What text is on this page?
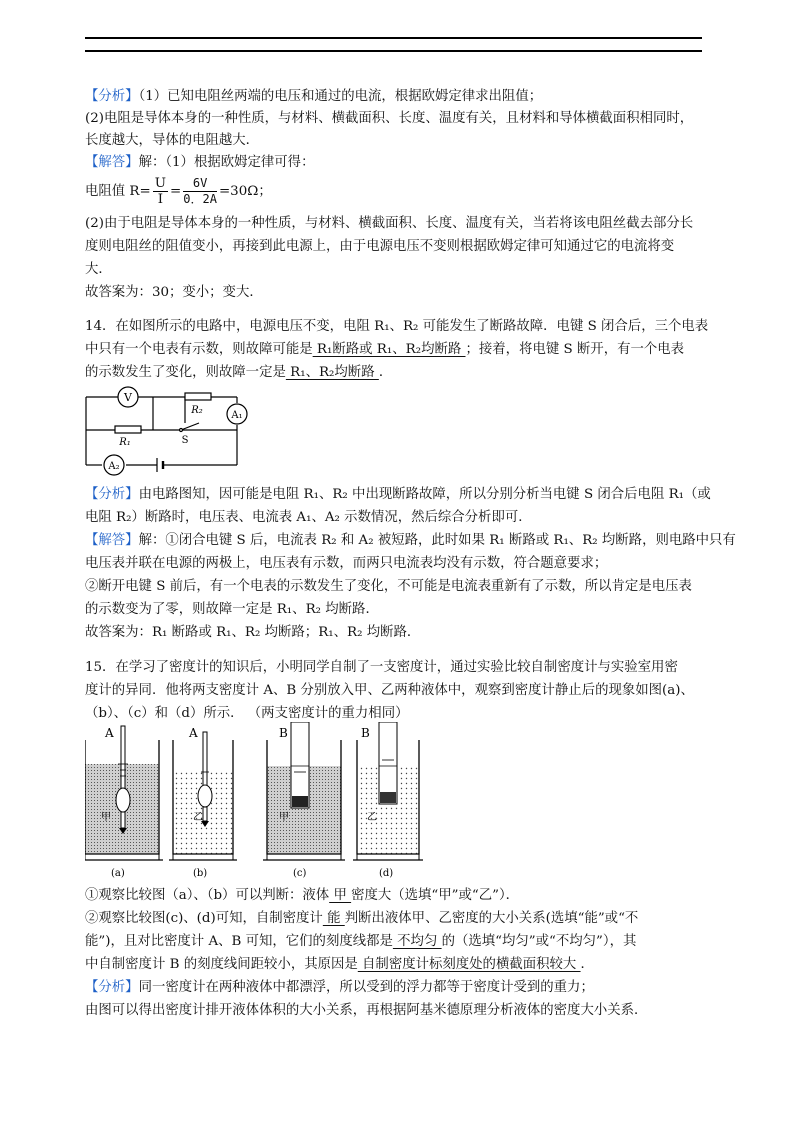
【分析】（1）已知电阻丝两端的电压和通过的电流，根据欧姆定律求出阻值；
(2)电阻是导体本身的一种性质，与材料、横截面积、长度、温度有关，且材料和导体横截面积相同时，
长度越大，导体的电阻越大．
【解答】解：（1）根据欧姆定律可得：
电阻值 $R= \frac{U}{I} = \frac{6V}{0.2A} =30\Omega$；
(2)由于电阻是导体本身的一种性质，与材料、横截面积、长度、温度有关，当若将该电阻丝截去部分长
度则电阻丝的阻值变小，再接到此电源上，由于电源电压不变则根据欧姆定律可知通过它的电流将变
大．
故答案为：30；变小；变大．
14．在如图所示的电路中，电源电压不变，电阻 R₁、R₂ 可能发生了断路故障．电键 S 闭合后，三个电表
中只有一个电表有示数，则故障可能是 R₁断路或 R₁、R₂均断路 ；接着，将电键 S 断开，有一个电表
的示数发生了变化，则故障一定是 R₁、R₂均断路 ．
V
R₂	A₁
R₁	S
A₂
【分析】由电路图知，因可能是电阻 R₁、R₂ 中出现断路故障，所以分别分析当电键 S 闭合后电阻 R₁（或
电阻 R₂）断路时，电压表、电流表 A₁、A₂ 示数情况，然后综合分析即可．
【解答】解：①闭合电键 S 后，电流表 R₂ 和 A₂ 被短路，此时如果 R₁ 断路或 R₁、R₂ 均断路，则电路中只有
电压表并联在电源的两极上，电压表有示数，而两只电流表均没有示数，符合题意要求；
②断开电键 S 前后，有一个电表的示数发生了变化，不可能是电流表重新有了示数，所以肯定是电压表
的示数变为了零，则故障一定是 R₁、R₂ 均断路．
故答案为：R₁ 断路或 R₁、R₂ 均断路；R₁、R₂ 均断路．
15．在学习了密度计的知识后，小明同学自制了一支密度计，通过实验比较自制密度计与实验室用密
度计的异同．他将两支密度计 A、B 分别放入甲、乙两种液体中，观察到密度计静止后的现象如图(a)、
（b）、（c）和（d）所示． （两支密度计的重力相同）
A
甲
(a)
A
乙
(b)
B
甲
(c)
B
乙
(d)
①观察比较图（a）、（b）可以判断：液体 甲 密度大（选填“甲”或“乙”）．
②观察比较图(c)、(d)可知，自制密度计 能 判断出液体甲、乙密度的大小关系(选填“能”或“不
能”)，且对比密度计 A、B 可知，它们的刻度线都是 不均匀 的（选填“均匀”或“不均匀”），其
中自制密度计 B 的刻度线间距较小，其原因是 自制密度计标刻度处的横截面积较大 ．
【分析】同一密度计在两种液体中都漂浮，所以受到的浮力都等于密度计受到的重力；
由图可以得出密度计排开液体体积的大小关系，再根据阿基米德原理分析液体的密度大小关系．
